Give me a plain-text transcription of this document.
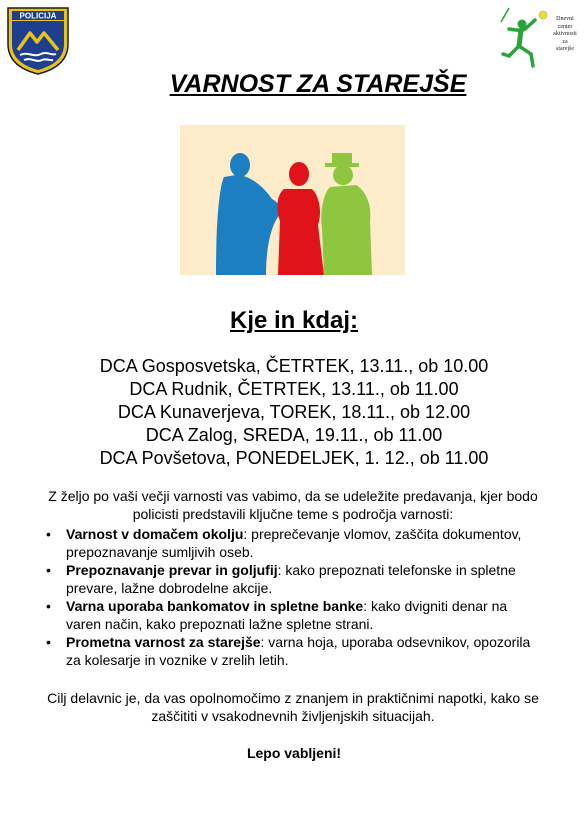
POLICIJA	Dnevni
center
aktivnosti
za
starejše
VARNOST ZA STAREJŠE
Kje in kdaj:
DCA Gosposvetska, ČETRTEK, 13.11., ob 10.00
DCA Rudnik, ČETRTEK, 13.11., ob 11.00
DCA Kunaverjeva, TOREK, 18.11., ob 12.00
DCA Zalog, SREDA, 19.11., ob 11.00
DCA Povšetova, PONEDELJEK, 1. 12., ob 11.00

Z željo po vaši večji varnosti vas vabimo, da se udeležite predavanja, kjer bodo policisti predstavili ključne teme s področja varnosti:

• Varnost v domačem okolju: preprečevanje vlomov, zaščita dokumentov, prepoznavanje sumljivih oseb.
• Prepoznavanje prevar in goljufij: kako prepoznati telefonske in spletne prevare, lažne dobrodelne akcije.
• Varna uporaba bankomatov in spletne banke: kako dvigniti denar na varen način, kako prepoznati lažne spletne strani.
• Prometna varnost za starejše: varna hoja, uporaba odsevnikov, opozorila za kolesarje in voznike v zrelih letih.

Cilj delavnic je, da vas opolnomočimo z znanjem in praktičnimi napotki, kako se zaščititi v vsakodnevnih življenjskih situacijah.

Lepo vabljeni!
